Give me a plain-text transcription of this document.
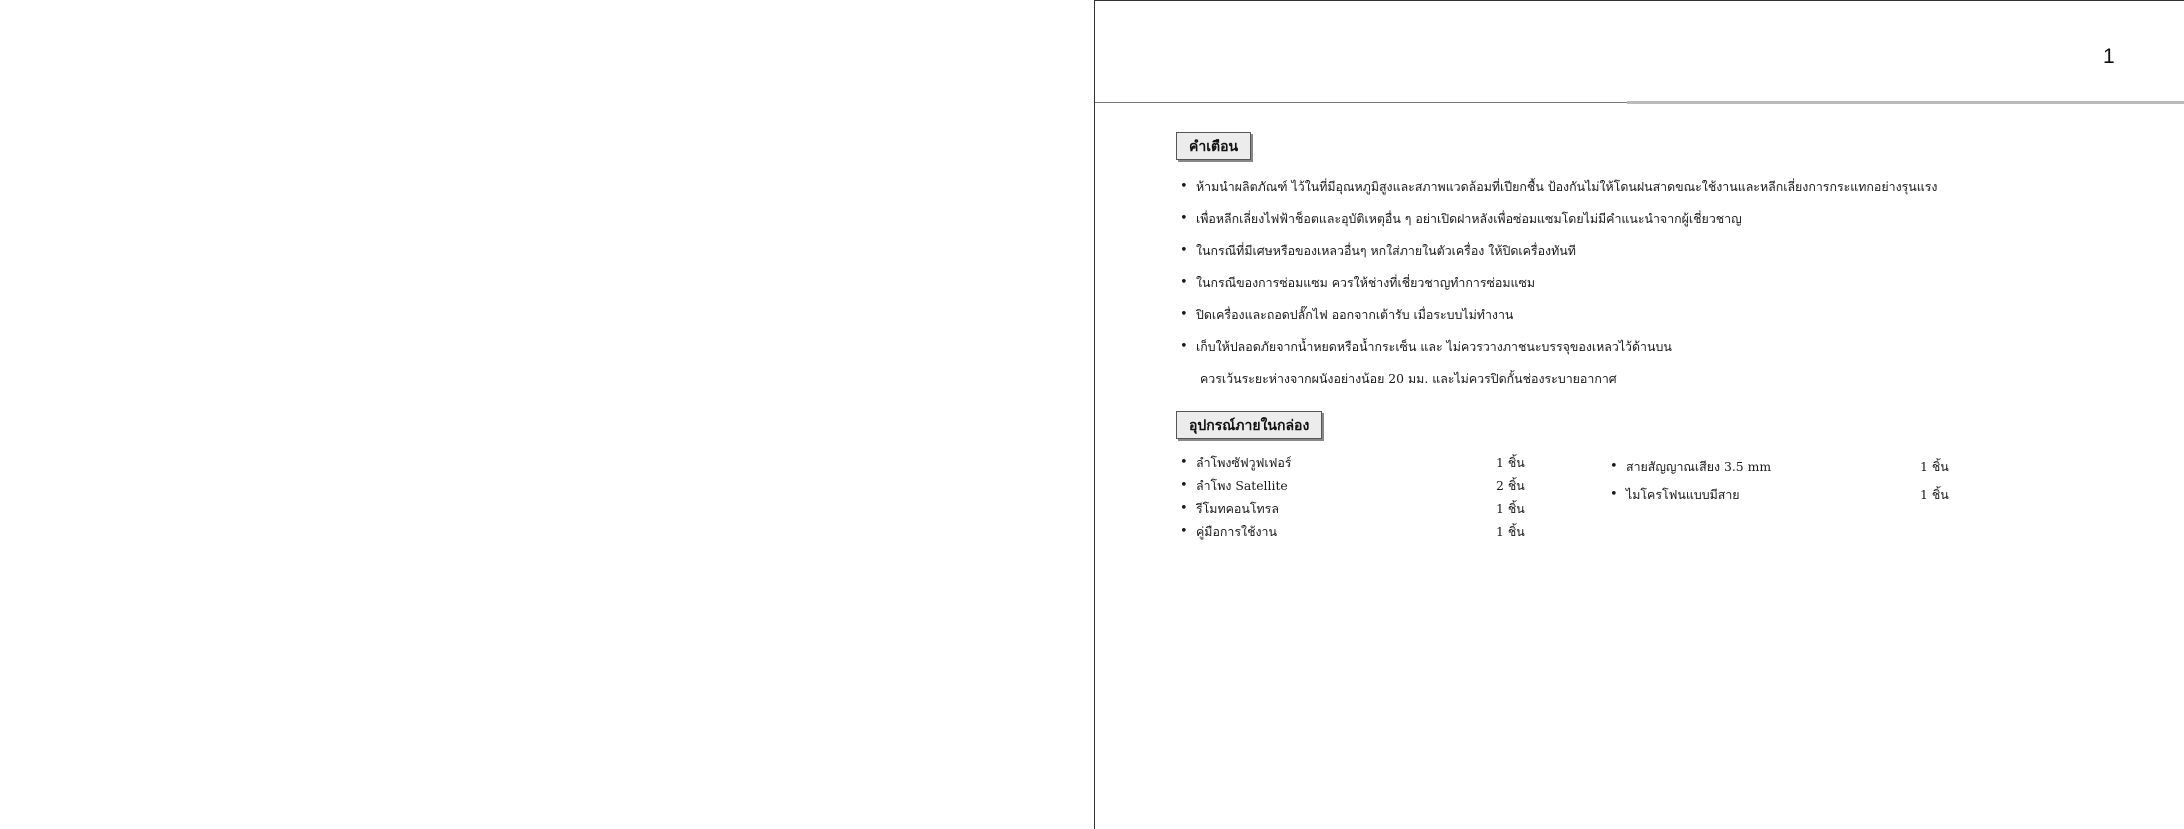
1
คำเตือน
• ห้ามนำผลิตภัณฑ์ ไว้ในที่มีอุณหภูมิสูงและสภาพแวดล้อมที่เปียกชื้น ป้องกันไม่ให้โดนฝนสาดขณะใช้งานและหลีกเลี่ยงการกระแทกอย่างรุนแรง
• เพื่อหลีกเลี่ยงไฟฟ้าช็อตและอุบัติเหตุอื่น ๆ อย่าเปิดฝาหลังเพื่อซ่อมแซมโดยไม่มีคำแนะนำจากผู้เชี่ยวชาญ
• ในกรณีที่มีเศษหรือของเหลวอื่นๆ หกใส่ภายในตัวเครื่อง ให้ปิดเครื่องทันที
• ในกรณีของการซ่อมแซม ควรให้ช่างที่เชี่ยวชาญทำการซ่อมแซม
• ปิดเครื่องและถอดปลั๊กไฟ ออกจากเต้ารับ เมื่อระบบไม่ทำงาน
• เก็บให้ปลอดภัยจากน้ำหยดหรือน้ำกระเซ็น และ ไม่ควรวางภาชนะบรรจุของเหลวไว้ด้านบน
ควรเว้นระยะห่างจากผนังอย่างน้อย 20 มม. และไม่ควรปิดกั้นช่องระบายอากาศ
อุปกรณ์ภายในกล่อง
• ลำโพงซัฟวูฟเฟอร์	1 ชิ้น
• ลำโพง Satellite	2 ชิ้น
• รีโมทคอนโทรล	1 ชิ้น
• คู่มือการใช้งาน	1 ชิ้น
• สายสัญญาณเสียง 3.5 mm	1 ชิ้น
• ไมโครโฟนแบบมีสาย	1 ชิ้น
